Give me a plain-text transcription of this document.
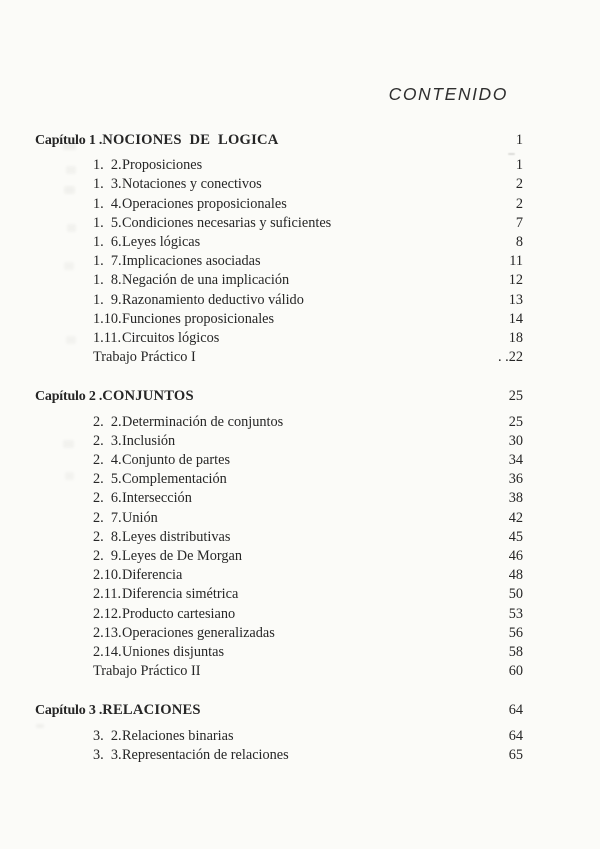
CONTENIDO
Capítulo 1 . NOCIONES DE LOGICA	1
1.  2. Proposiciones	1
1.  3. Notaciones y conectivos	2
1.  4. Operaciones proposicionales	2
1.  5. Condiciones necesarias y suficientes	7
1.  6. Leyes lógicas	8
1.  7. Implicaciones asociadas	11
1.  8. Negación de una implicación	12
1.  9. Razonamiento deductivo válido	13
1.10. Funciones proposicionales	14
1.11. Circuitos lógicos	18
Trabajo Práctico I	. .22
Capítulo 2 . CONJUNTOS	25
2.  2. Determinación de conjuntos	25
2.  3. Inclusión	30
2.  4. Conjunto de partes	34
2.  5. Complementación	36
2.  6. Intersección	38
2.  7. Unión	42
2.  8. Leyes distributivas	45
2.  9. Leyes de De Morgan	46
2.10. Diferencia	48
2.11. Diferencia simétrica	50
2.12. Producto cartesiano	53
2.13. Operaciones generalizadas	56
2.14. Uniones disjuntas	58
Trabajo Práctico II	60
Capítulo 3 . RELACIONES	64
3.  2. Relaciones binarias	64
3.  3. Representación de relaciones	65
